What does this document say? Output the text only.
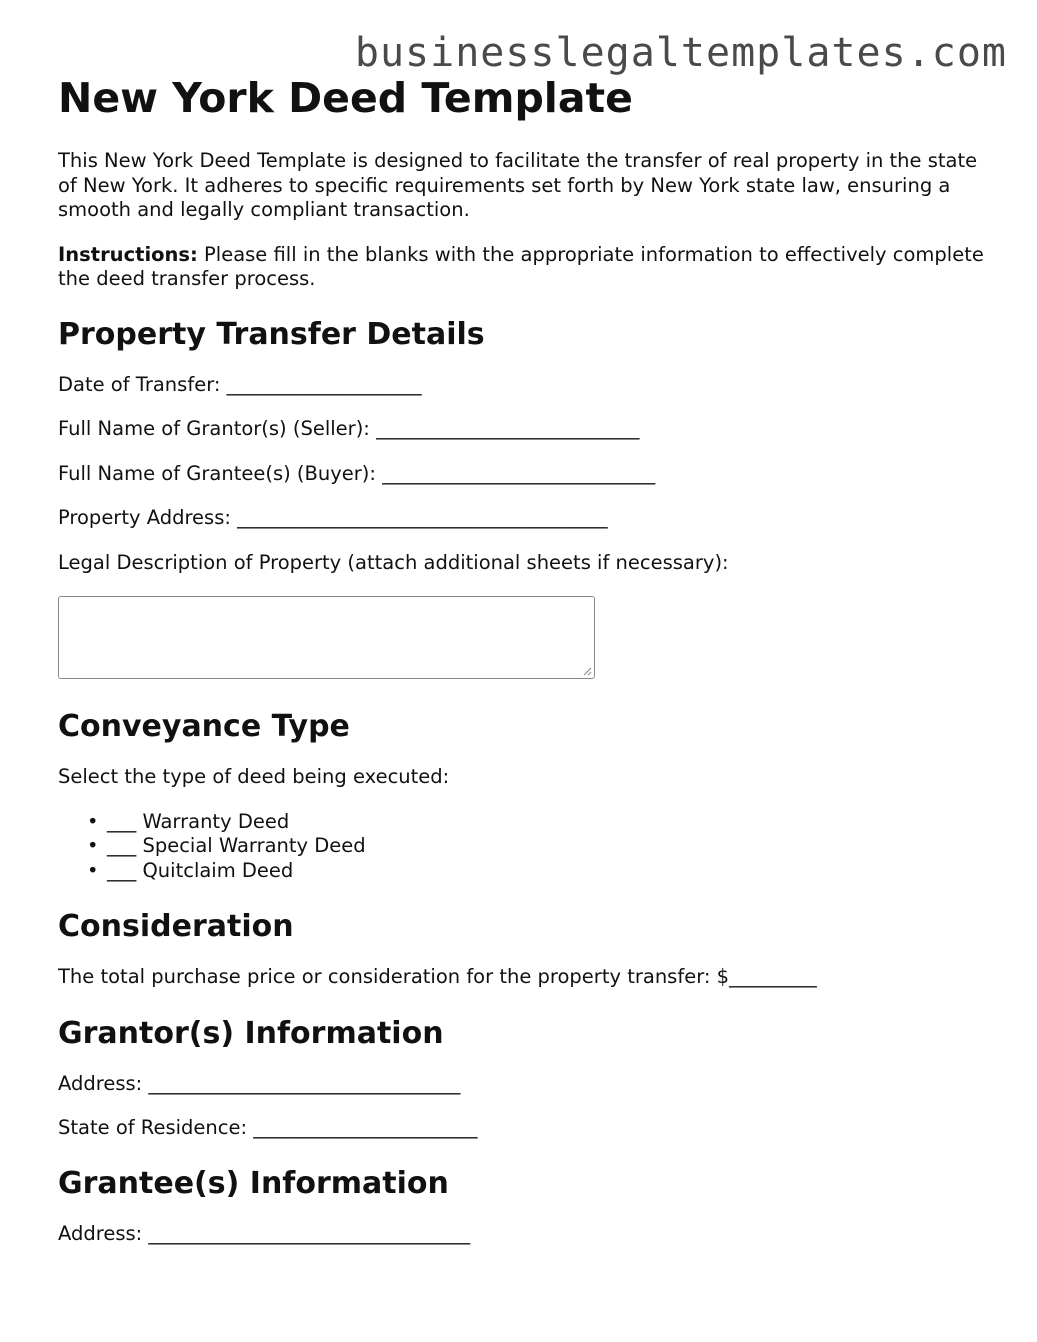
businesslegaltemplates.com
New York Deed Template

This New York Deed Template is designed to facilitate the transfer of real property in the state of New York. It adheres to specific requirements set forth by New York state law, ensuring a smooth and legally compliant transaction.

Instructions: Please fill in the blanks with the appropriate information to effectively complete the deed transfer process.

Property Transfer Details

Date of Transfer: ____________________

Full Name of Grantor(s) (Seller): ___________________________

Full Name of Grantee(s) (Buyer): ____________________________

Property Address: ______________________________________

Legal Description of Property (attach additional sheets if necessary):

Conveyance Type

Select the type of deed being executed:

• ___ Warranty Deed
• ___ Special Warranty Deed
• ___ Quitclaim Deed
Consideration

The total purchase price or consideration for the property transfer: $_________

Grantor(s) Information

Address: ________________________________

State of Residence: _______________________

Grantee(s) Information

Address: _________________________________
